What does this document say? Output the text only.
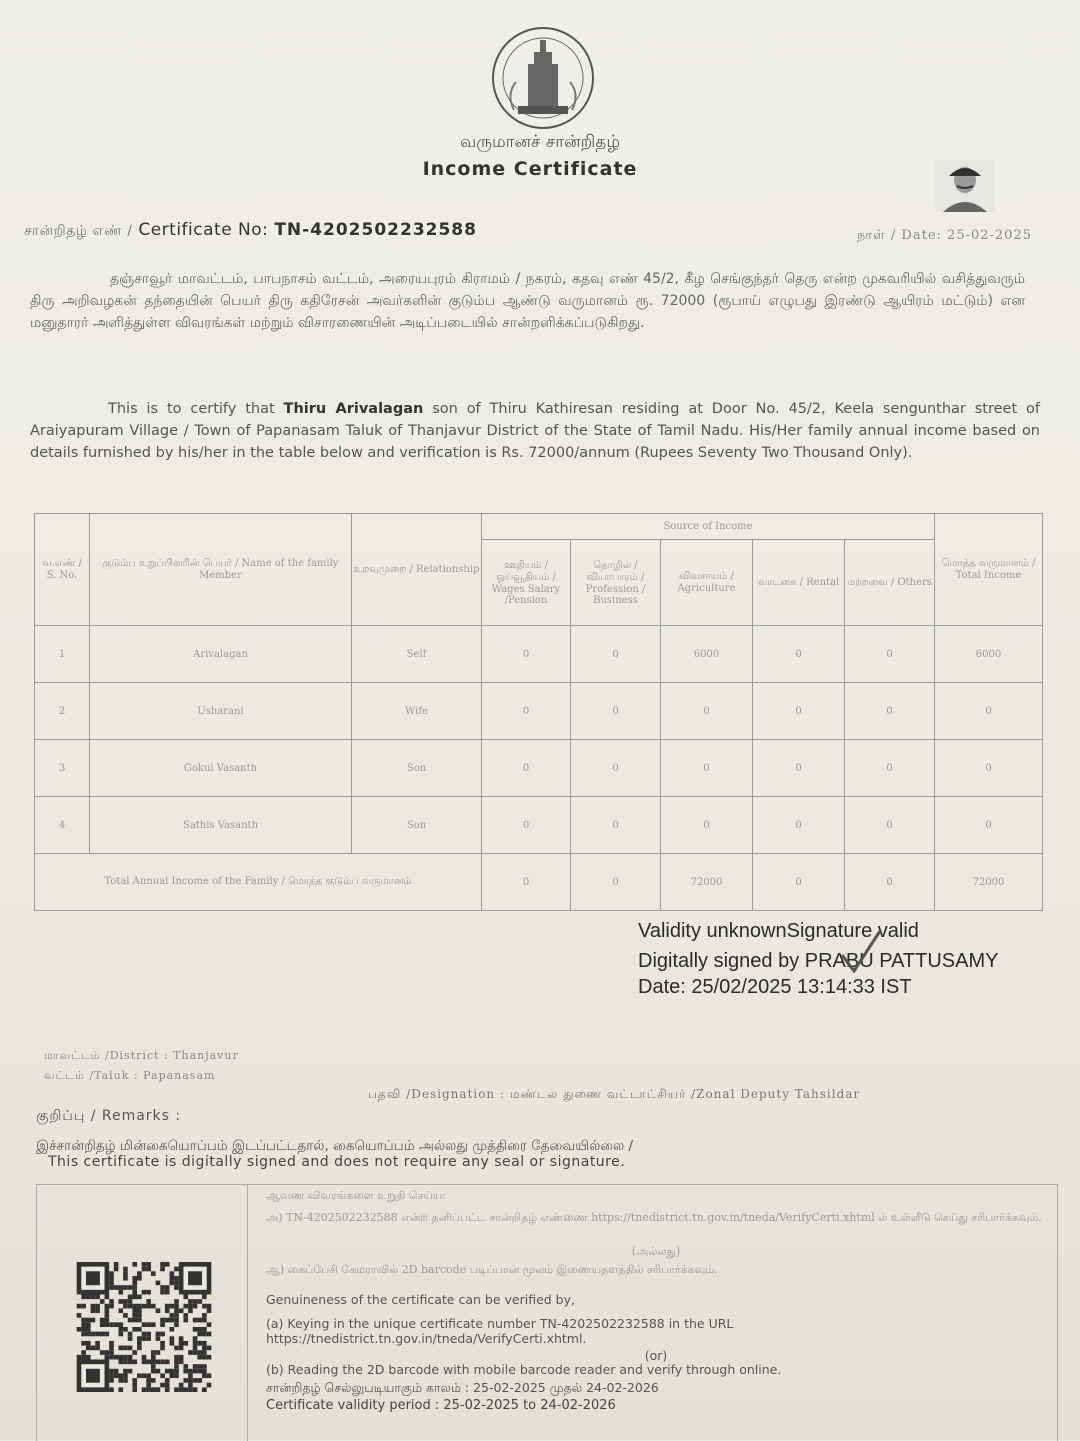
வருமானச் சான்றிதழ்
Income Certificate
சான்றிதழ் எண் / Certificate No: TN-4202502232588	நாள் / Date: 25-02-2025
தஞ்சாவூர் மாவட்டம், பாபநாசம் வட்டம், அரையபுரம் கிராமம் / நகரம், கதவு எண் 45/2, கீழ செங்குந்தர் தெரு என்ற முகவரியில் வசித்துவரும் திரு அறிவழகன் தந்தையின் பெயர் திரு கதிரேசன் அவர்களின் குடும்ப ஆண்டு வருமானம் ரூ. 72000 (ரூபாய் எழுபது இரண்டு ஆயிரம் மட்டும்) என மனுதாரர் அளித்துள்ள விவரங்கள் மற்றும் விசாரணையின் அடிப்படையில் சான்றளிக்கப்படுகிறது.
This is to certify that Thiru Arivalagan son of Thiru Kathiresan residing at Door No. 45/2, Keela sengunthar street of Araiyapuram Village / Town of Papanasam Taluk of Thanjavur District of the State of Tamil Nadu. His/Her family annual income based on details furnished by his/her in the table below and verification is Rs. 72000/annum (Rupees Seventy Two Thousand Only).
வ.எண் / S. No.	குடும்ப உறுப்பினரின் பெயர் / Name of the family Member	உறவுமுறை / Relationship	Source of Income					மொத்த வருமானம் / Total Income
			ஊதியம் / ஓய்வூதியம் / Wages Salary /Pension	தொழில் / வியாபாரம் / Profession / Business	விவசாயம் / Agriculture	வாடகை / Rental	மற்றவை / Others	
1	Arivalagan	Self	0	0	6000	0	0	6000
2	Usharani	Wife	0	0	0	0	0	0
3	Gokul Vasanth	Son	0	0	0	0	0	0
4	Sathis Vasanth	Son	0	0	0	0	0	0
Total Annual Income of the Family / மொத்த குடும்ப வருமானம்			0	0	72000	0	0	72000
Validity unknownSignature valid
Digitally signed by PRABU PATTUSAMY
Date: 25/02/2025 13:14:33 IST
மாவட்டம் /District : Thanjavur
வட்டம் /Taluk : Papanasam
பதவி /Designation : மண்டல துணை வட்டாட்சியர் /Zonal Deputy Tahsildar
குறிப்பு / Remarks :
இச்சான்றிதழ் மின்கையொப்பம் இடப்பட்டதால், கையொப்பம் அல்லது முத்திரை தேவையில்லை /
This certificate is digitally signed and does not require any seal or signature.
ஆவண விவரங்களை உறுதி செய்ய:
அ) TN-4202502232588 என்ற தனிப்பட்ட சான்றிதழ் எண்ணை https://tnedistrict.tn.gov.in/tneda/VerifyCerti.xhtml ல் உள்ளீடு செய்து சரிபார்க்கவும்.
(அல்லது)
ஆ) கைப்பேசி கேமராவில் 2D barcode படிப்பான் மூலம் இணையதளத்தில் சரிபார்க்கவும்.
Genuineness of the certificate can be verified by,
(a) Keying in the unique certificate number TN-4202502232588 in the URL https://tnedistrict.tn.gov.in/tneda/VerifyCerti.xhtml.
(or)
(b) Reading the 2D barcode with mobile barcode reader and verify through online.
சான்றிதழ் செல்லுபடியாகும் காலம் : 25-02-2025 முதல் 24-02-2026
Certificate validity period : 25-02-2025 to 24-02-2026
